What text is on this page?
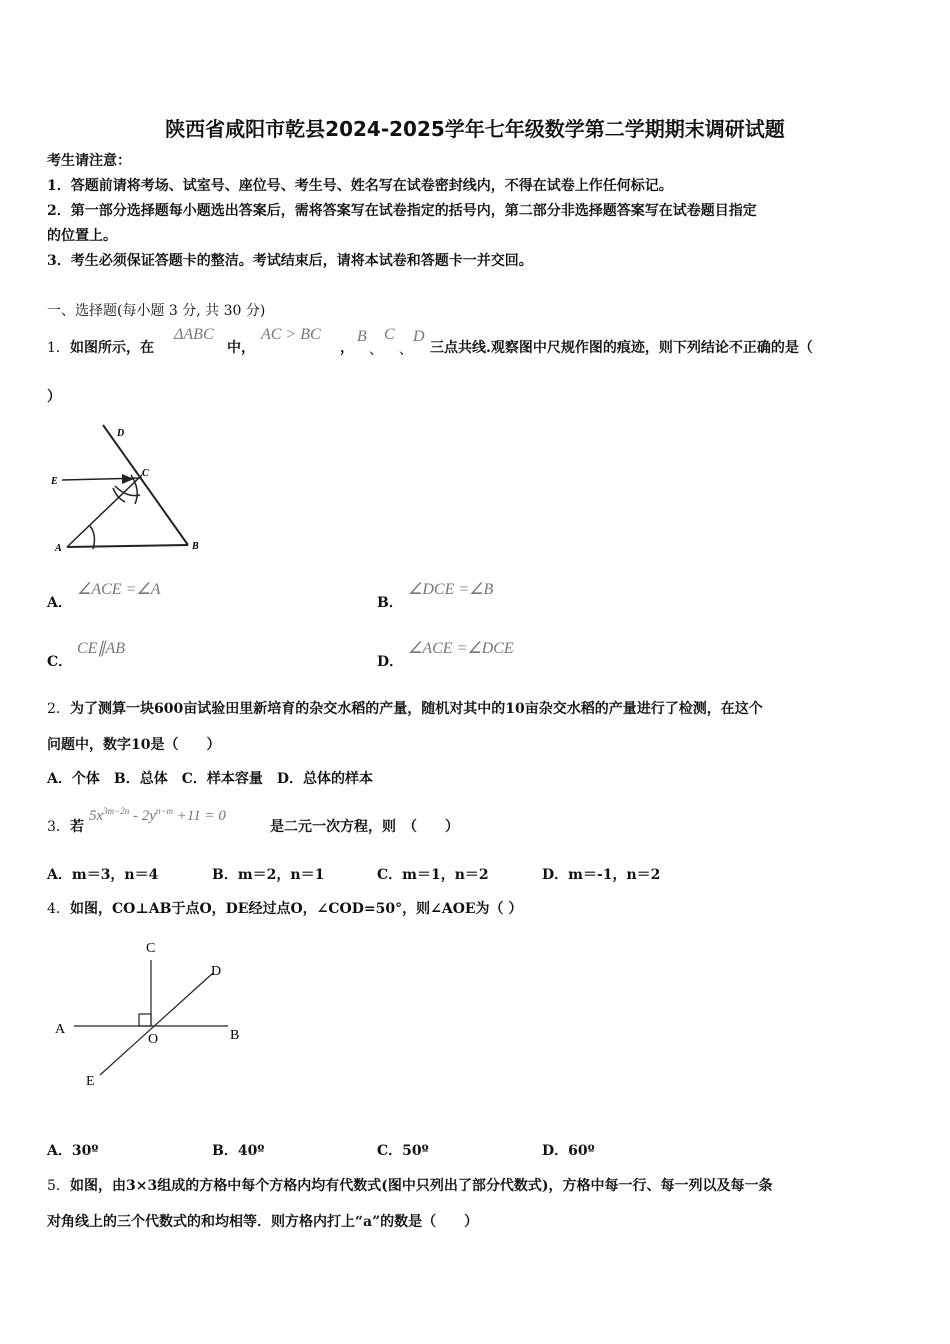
陕西省咸阳市乾县2024-2025学年七年级数学第二学期期末调研试题
考生请注意：
1．答题前请将考场、试室号、座位号、考生号、姓名写在试卷密封线内，不得在试卷上作任何标记。
2．第一部分选择题每小题选出答案后，需将答案写在试卷指定的括号内，第二部分非选择题答案写在试卷题目指定
的位置上。
3．考生必须保证答题卡的整洁。考试结束后，请将本试卷和答题卡一并交回。
一、选择题(每小题 3 分, 共 30 分)
1． 如图所示，在
ΔABC
中，
AC > BC
，
B
、
C
、
D
三点共线.观察图中尺规作图的痕迹，则下列结论不正确的是（
）
D
E
C
A	B
A．
∠ACE =∠A
B．
∠DCE =∠B
C．
CE∥AB
D．
∠ACE =∠DCE
2． 为了测算一块600亩试验田里新培育的杂交水稻的产量，随机对其中的10亩杂交水稻的产量进行了检测，在这个
问题中，数字10是（　　）
A．个体　B．总体　C．样本容量　D．总体的样本
3． 若
$5x^{3m-2n} - 2y^{n-m} +11 = 0$
是二元一次方程，则　（　　）
A．m＝3，n＝4	B．m＝2，n＝1	C．m＝1，n＝2	D．m＝-1，n＝2
4． 如图，CO⊥AB于点O，DE经过点O，∠COD=50°，则∠AOE为（ ）
C
D
A
O	B
E
A．30º	B．40º	C．50º	D．60º
5． 如图，由3×3组成的方格中每个方格内均有代数式(图中只列出了部分代数式)，方格中每一行、每一列以及每一条
对角线上的三个代数式的和均相等．则方格内打上“a”的数是（　　）
